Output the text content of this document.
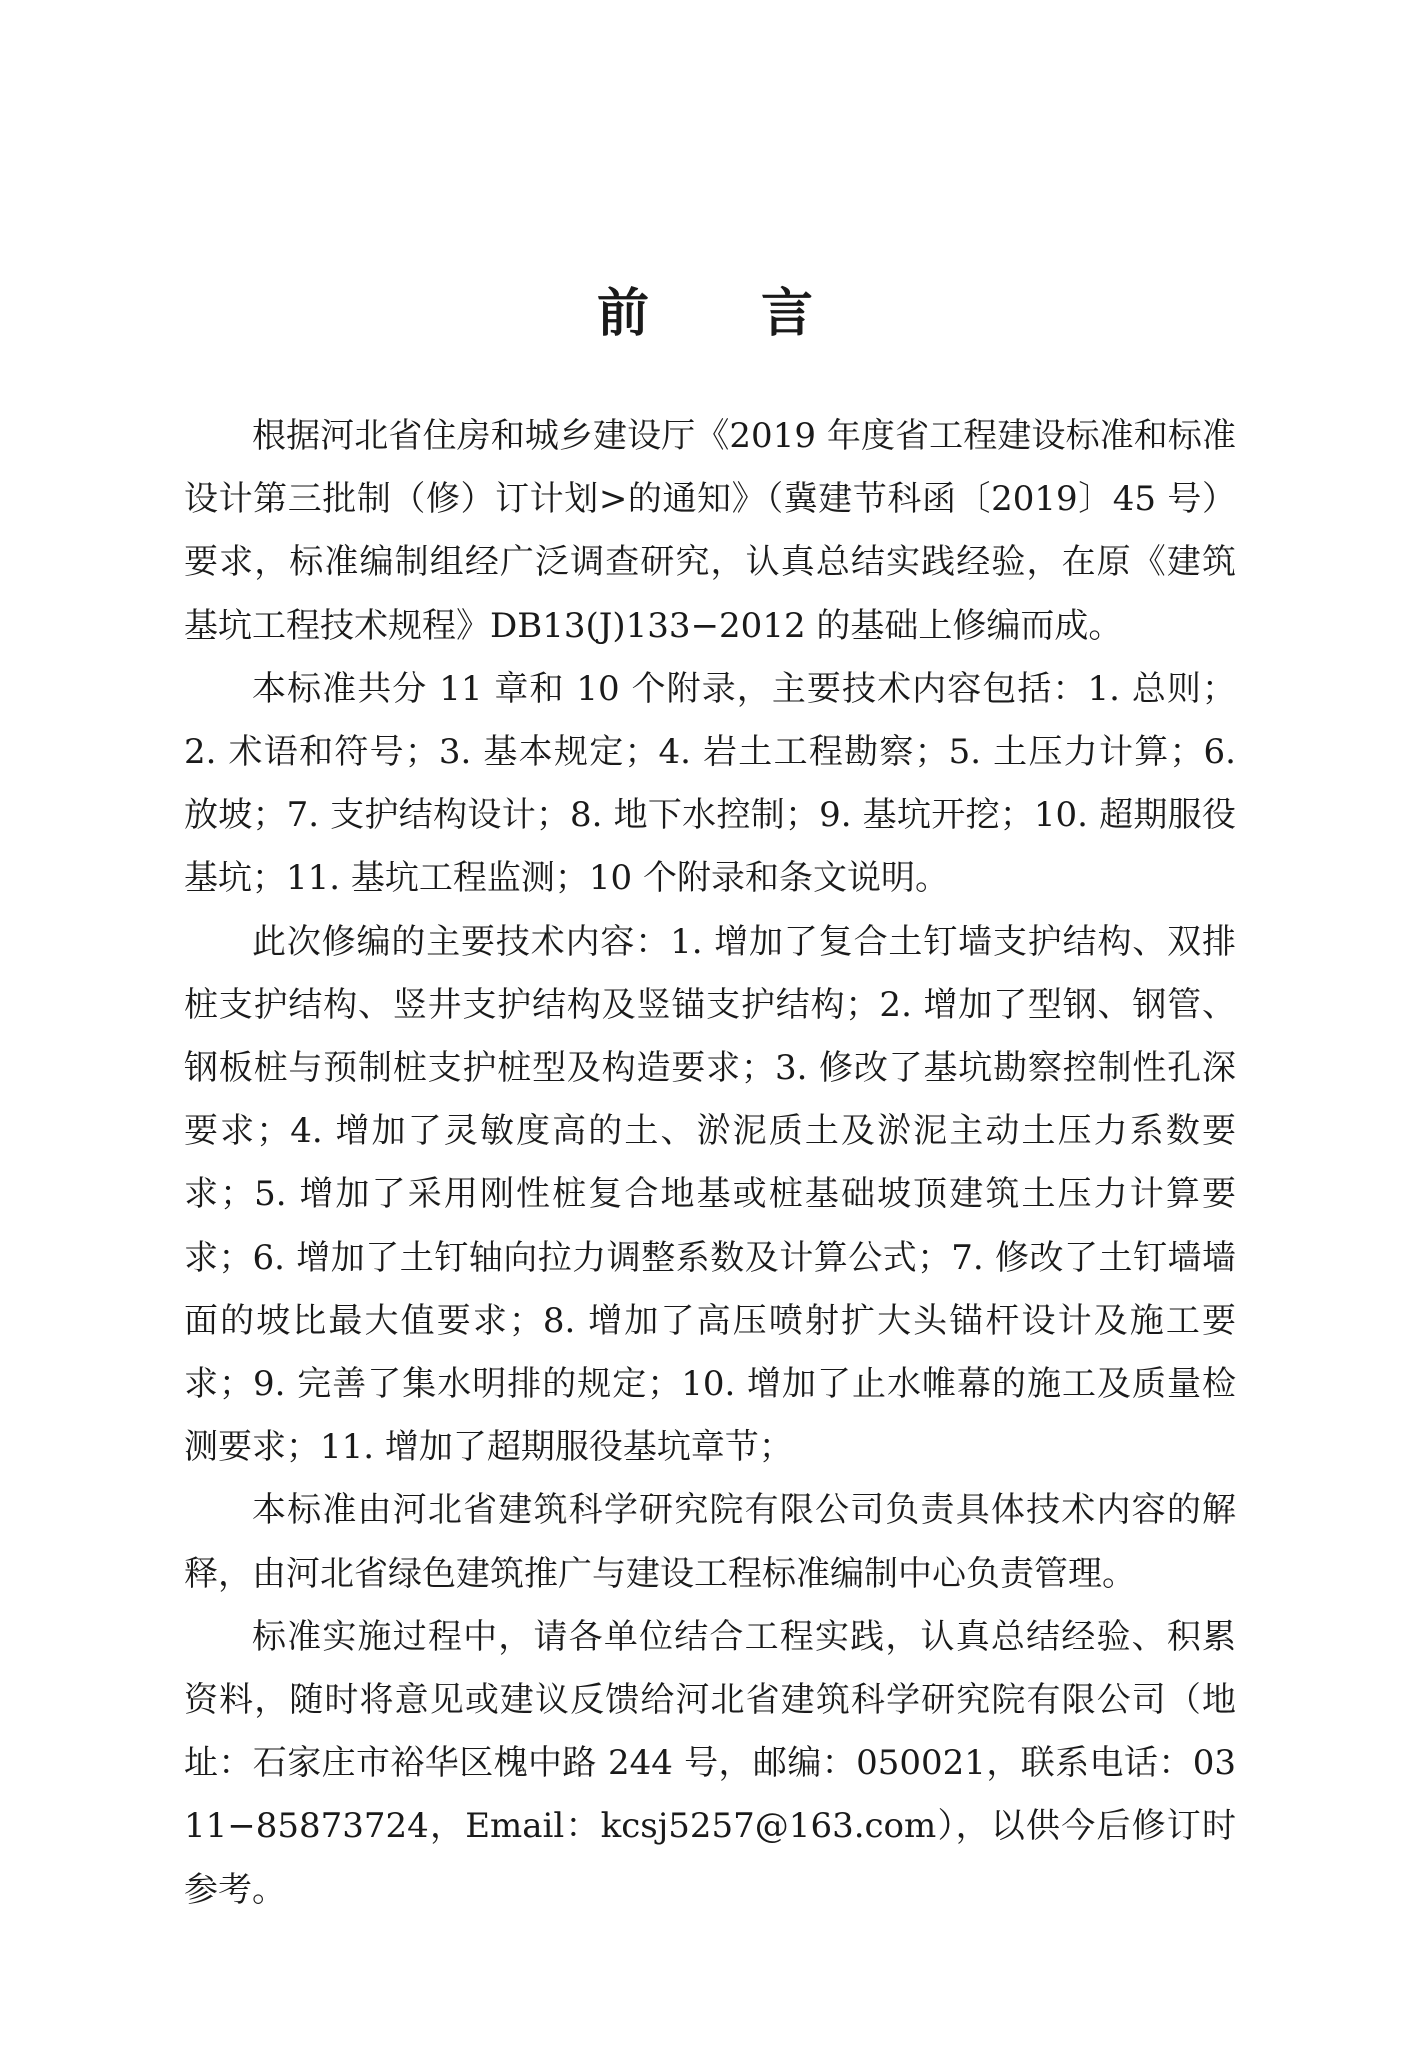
前 言

根据河北省住房和城乡建设厅《2019 年度省工程建设标准和标准设计第三批制（修）订计划>的通知》（冀建节科函〔2019〕45 号）要求，标准编制组经广泛调查研究，认真总结实践经验，在原《建筑基坑工程技术规程》DB13(J)133−2012 的基础上修编而成。

本标准共分 11 章和 10 个附录，主要技术内容包括：1. 总则；2. 术语和符号；3. 基本规定；4. 岩土工程勘察；5. 土压力计算；6. 放坡；7. 支护结构设计；8. 地下水控制；9. 基坑开挖；10. 超期服役基坑；11. 基坑工程监测；10 个附录和条文说明。

此次修编的主要技术内容：1. 增加了复合土钉墙支护结构、双排桩支护结构、竖井支护结构及竖锚支护结构；2. 增加了型钢、钢管、钢板桩与预制桩支护桩型及构造要求；3. 修改了基坑勘察控制性孔深要求；4. 增加了灵敏度高的土、淤泥质土及淤泥主动土压力系数要求；5. 增加了采用刚性桩复合地基或桩基础坡顶建筑土压力计算要求；6. 增加了土钉轴向拉力调整系数及计算公式；7. 修改了土钉墙墙面的坡比最大值要求；8. 增加了高压喷射扩大头锚杆设计及施工要求；9. 完善了集水明排的规定；10. 增加了止水帷幕的施工及质量检测要求；11. 增加了超期服役基坑章节；

本标准由河北省建筑科学研究院有限公司负责具体技术内容的解释，由河北省绿色建筑推广与建设工程标准编制中心负责管理。

标准实施过程中，请各单位结合工程实践，认真总结经验、积累资料，随时将意见或建议反馈给河北省建筑科学研究院有限公司（地址：石家庄市裕华区槐中路 244 号，邮编：050021，联系电话：0311−85873724，Email：kcsj5257@163.com），以供今后修订时参考。
